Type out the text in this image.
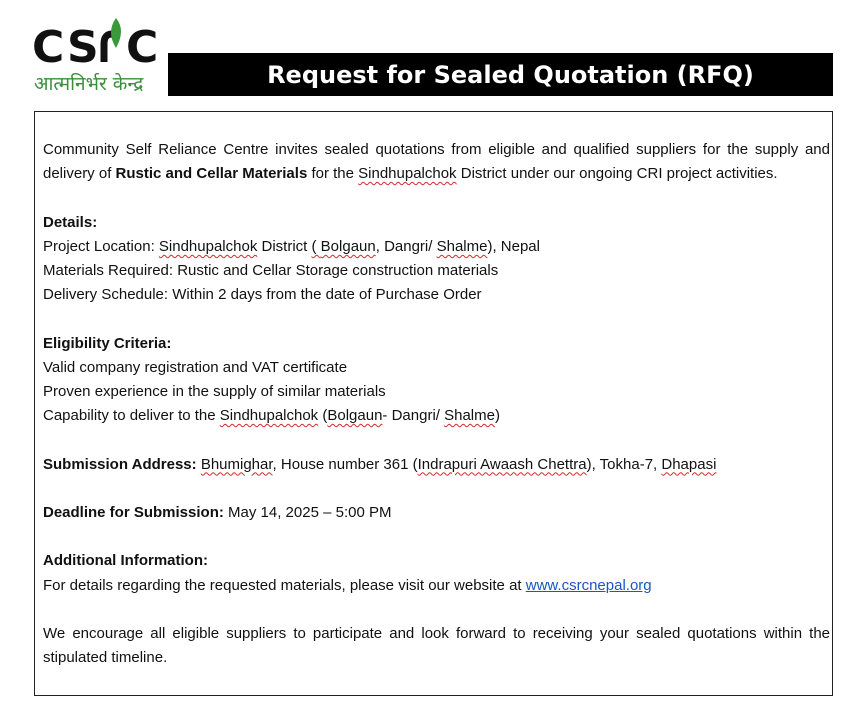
C S C
आत्मनिर्भर केन्द्र	Request for Sealed Quotation (RFQ)

Community Self Reliance Centre invites sealed quotations from eligible and qualified suppliers for the supply and delivery of Rustic and Cellar Materials for the Sindhupalchok District under our ongoing CRI project activities.

Details:

Project Location: Sindhupalchok District ( Bolgaun, Dangri/ Shalme), Nepal

Materials Required: Rustic and Cellar Storage construction materials

Delivery Schedule: Within 2 days from the date of Purchase Order

Eligibility Criteria:

Valid company registration and VAT certificate

Proven experience in the supply of similar materials

Capability to deliver to the Sindhupalchok (Bolgaun- Dangri/ Shalme)

Submission Address: Bhumighar, House number 361 (Indrapuri Awaash Chettra), Tokha-7, Dhapasi

Deadline for Submission: May 14, 2025 – 5:00 PM

Additional Information:

For details regarding the requested materials, please visit our website at www.csrcnepal.org

We encourage all eligible suppliers to participate and look forward to receiving your sealed quotations within the stipulated timeline.
